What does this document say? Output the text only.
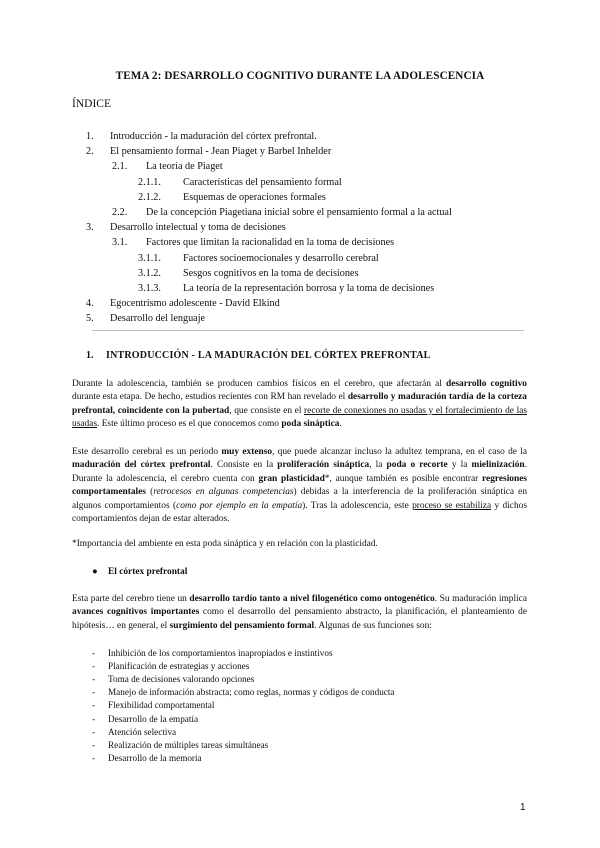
TEMA 2: DESARROLLO COGNITIVO DURANTE LA ADOLESCENCIA
ÍNDICE
1. Introducción - la maduración del córtex prefrontal.
2. El pensamiento formal - Jean Piaget y Barbel Inhelder
2.1. La teoría de Piaget
2.1.1. Características del pensamiento formal
2.1.2. Esquemas de operaciones formales
2.2. De la concepción Piagetiana inicial sobre el pensamiento formal a la actual
3. Desarrollo intelectual y toma de decisiones
3.1. Factores que limitan la racionalidad en la toma de decisiones
3.1.1. Factores socioemocionales y desarrollo cerebral
3.1.2. Sesgos cognitivos en la toma de decisiones
3.1.3. La teoría de la representación borrosa y la toma de decisiones
4. Egocentrismo adolescente - David Elkind
5. Desarrollo del lenguaje
1. INTRODUCCIÓN - LA MADURACIÓN DEL CÓRTEX PREFRONTAL
Durante la adolescencia, también se producen cambios físicos en el cerebro, que afectarán al desarrollo cognitivo durante esta etapa. De hecho, estudios recientes con RM han revelado el desarrollo y maduración tardía de la corteza prefrontal, coincidente con la pubertad, que consiste en el recorte de conexiones no usadas y el fortalecimiento de las usadas. Este último proceso es el que conocemos como poda sináptica.
Este desarrollo cerebral es un periodo muy extenso, que puede alcanzar incluso la adultez temprana, en el caso de la maduración del córtex prefrontal. Consiste en la proliferación sináptica, la poda o recorte y la mielinización. Durante la adolescencia, el cerebro cuenta con gran plasticidad*, aunque también es posible encontrar regresiones comportamentales (retrocesos en algunas competencias) debidas a la interferencia de la proliferación sináptica en algunos comportamientos (como por ejemplo en la empatía). Tras la adolescencia, este proceso se estabiliza y dichos comportamientos dejan de estar alterados.
*Importancia del ambiente en esta poda sináptica y en relación con la plasticidad.
● El córtex prefrontal
Esta parte del cerebro tiene un desarrollo tardío tanto a nivel filogenético como ontogenético. Su maduración implica avances cognitivos importantes como el desarrollo del pensamiento abstracto, la planificación, el planteamiento de hipótesis… en general, el surgimiento del pensamiento formal. Algunas de sus funciones son:
- Inhibición de los comportamientos inapropiados e instintivos
- Planificación de estrategias y acciones
- Toma de decisiones valorando opciones
- Manejo de información abstracta; como reglas, normas y códigos de conducta
- Flexibilidad comportamental
- Desarrollo de la empatía
- Atención selectiva
- Realización de múltiples tareas simultáneas
- Desarrollo de la memoria
1
